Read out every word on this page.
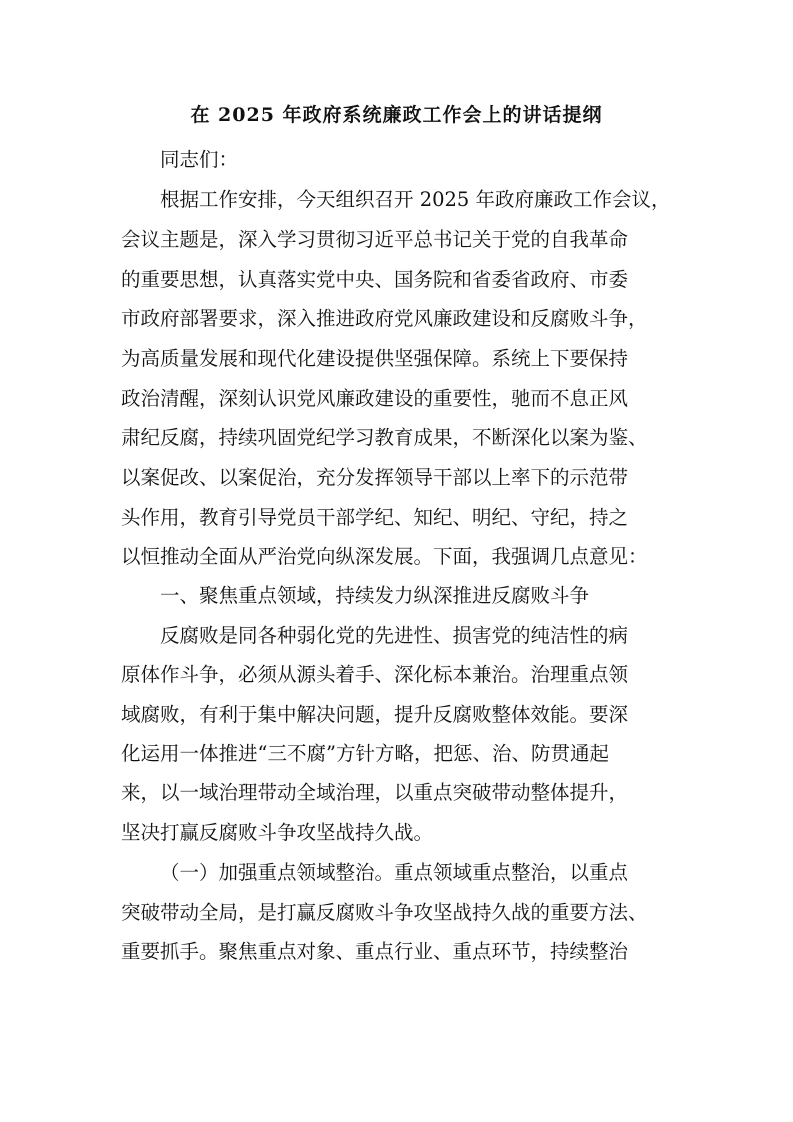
在 2025 年政府系统廉政工作会上的讲话提纲
同志们：
根据工作安排，今天组织召开 2025 年政府廉政工作会议，
会议主题是，深入学习贯彻习近平总书记关于党的自我革命
的重要思想，认真落实党中央、国务院和省委省政府、市委
市政府部署要求，深入推进政府党风廉政建设和反腐败斗争，
为高质量发展和现代化建设提供坚强保障。系统上下要保持
政治清醒，深刻认识党风廉政建设的重要性，驰而不息正风
肃纪反腐，持续巩固党纪学习教育成果，不断深化以案为鉴、
以案促改、以案促治，充分发挥领导干部以上率下的示范带
头作用，教育引导党员干部学纪、知纪、明纪、守纪，持之
以恒推动全面从严治党向纵深发展。下面，我强调几点意见：
一、聚焦重点领域，持续发力纵深推进反腐败斗争
反腐败是同各种弱化党的先进性、损害党的纯洁性的病
原体作斗争，必须从源头着手、深化标本兼治。治理重点领
域腐败，有利于集中解决问题，提升反腐败整体效能。要深
化运用一体推进“三不腐”方针方略，把惩、治、防贯通起
来，以一域治理带动全域治理，以重点突破带动整体提升，
坚决打赢反腐败斗争攻坚战持久战。
（一）加强重点领域整治。重点领域重点整治，以重点
突破带动全局，是打赢反腐败斗争攻坚战持久战的重要方法、
重要抓手。聚焦重点对象、重点行业、重点环节，持续整治
